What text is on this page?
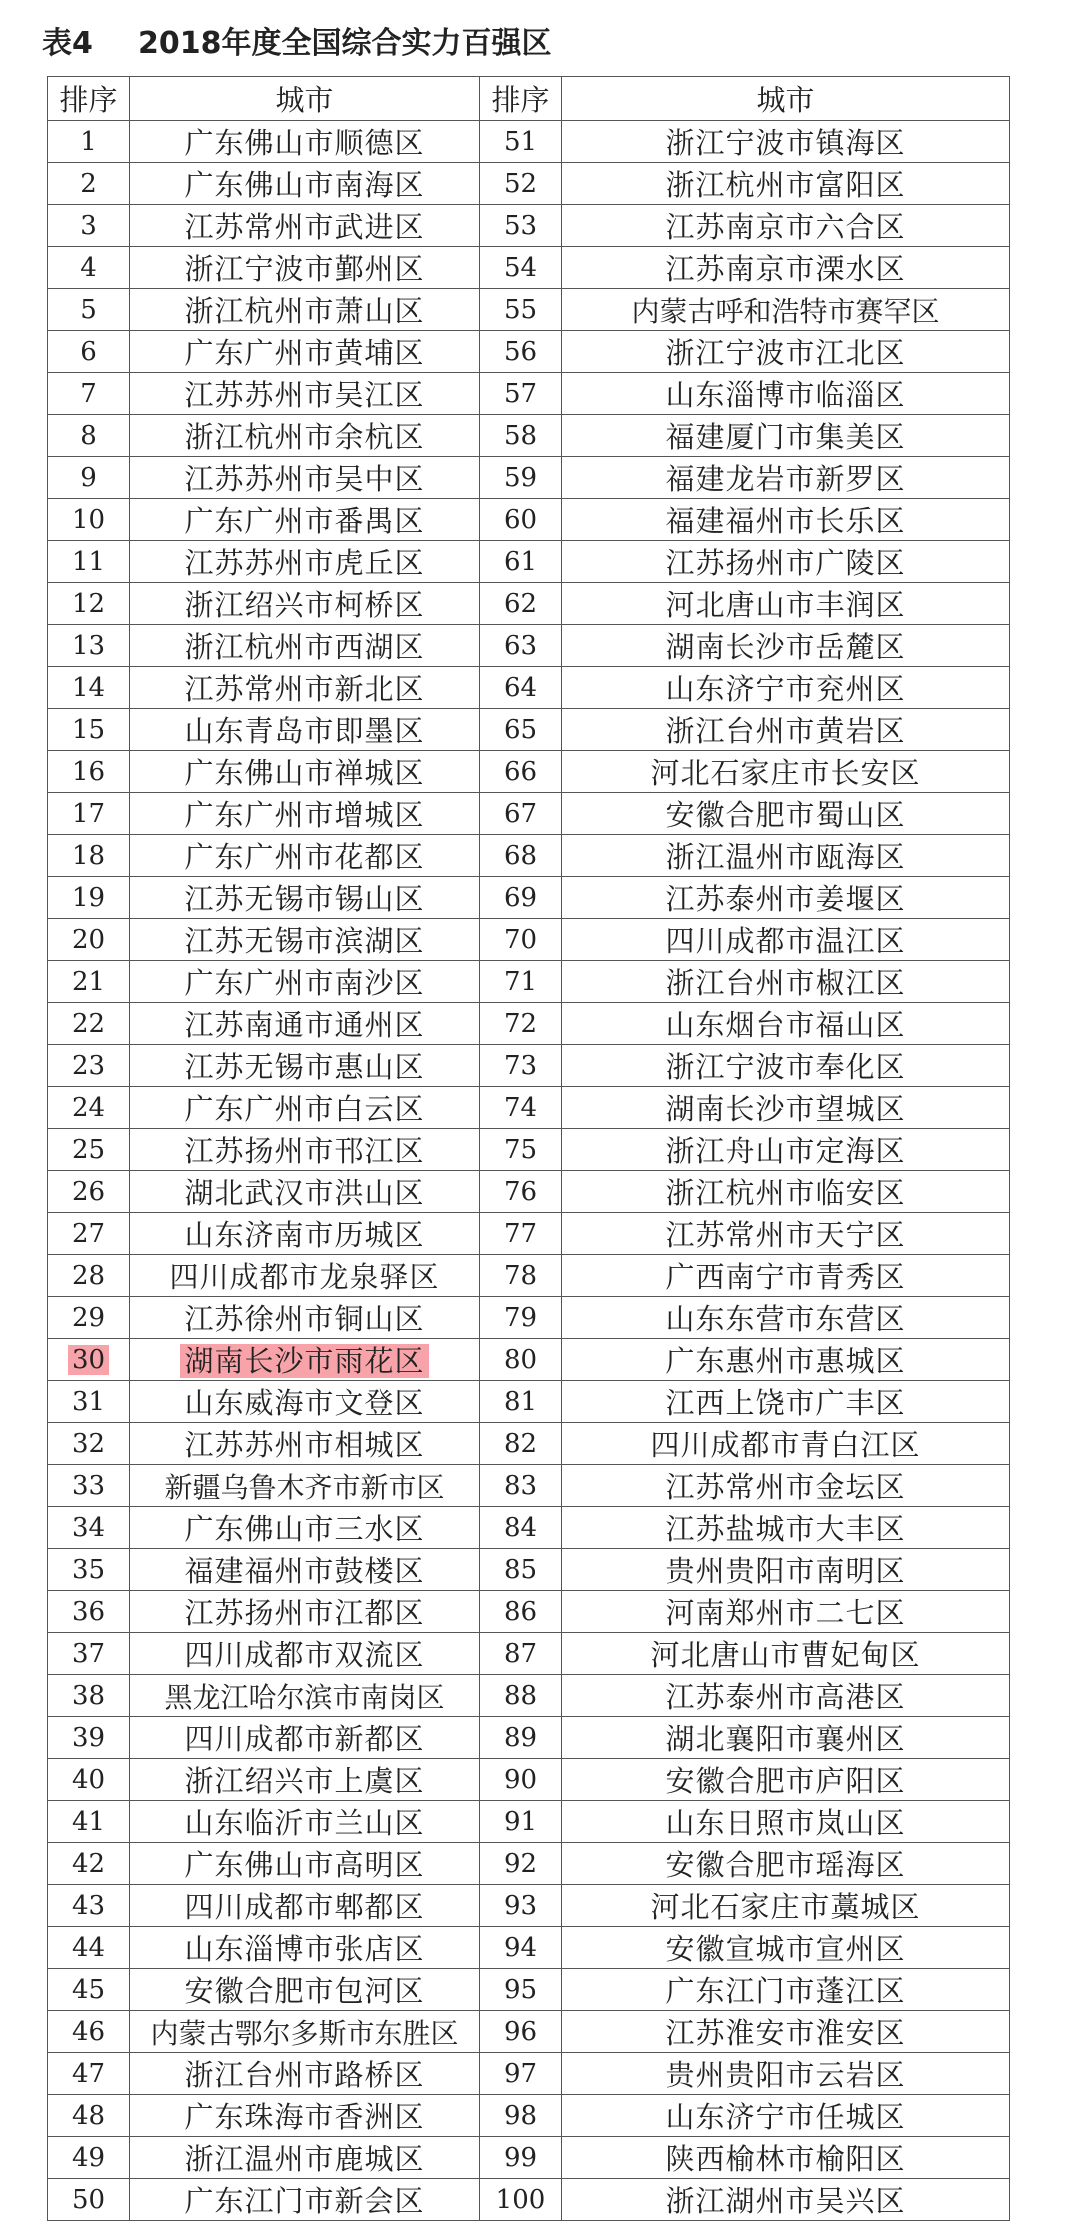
表4 2018年度全国综合实力百强区
排序	城市	排序	城市
1	广东佛山市顺德区	51	浙江宁波市镇海区
2	广东佛山市南海区	52	浙江杭州市富阳区
3	江苏常州市武进区	53	江苏南京市六合区
4	浙江宁波市鄞州区	54	江苏南京市溧水区
5	浙江杭州市萧山区	55	内蒙古呼和浩特市赛罕区
6	广东广州市黄埔区	56	浙江宁波市江北区
7	江苏苏州市吴江区	57	山东淄博市临淄区
8	浙江杭州市余杭区	58	福建厦门市集美区
9	江苏苏州市吴中区	59	福建龙岩市新罗区
10	广东广州市番禺区	60	福建福州市长乐区
11	江苏苏州市虎丘区	61	江苏扬州市广陵区
12	浙江绍兴市柯桥区	62	河北唐山市丰润区
13	浙江杭州市西湖区	63	湖南长沙市岳麓区
14	江苏常州市新北区	64	山东济宁市兖州区
15	山东青岛市即墨区	65	浙江台州市黄岩区
16	广东佛山市禅城区	66	河北石家庄市长安区
17	广东广州市增城区	67	安徽合肥市蜀山区
18	广东广州市花都区	68	浙江温州市瓯海区
19	江苏无锡市锡山区	69	江苏泰州市姜堰区
20	江苏无锡市滨湖区	70	四川成都市温江区
21	广东广州市南沙区	71	浙江台州市椒江区
22	江苏南通市通州区	72	山东烟台市福山区
23	江苏无锡市惠山区	73	浙江宁波市奉化区
24	广东广州市白云区	74	湖南长沙市望城区
25	江苏扬州市邗江区	75	浙江舟山市定海区
26	湖北武汉市洪山区	76	浙江杭州市临安区
27	山东济南市历城区	77	江苏常州市天宁区
28	四川成都市龙泉驿区	78	广西南宁市青秀区
29	江苏徐州市铜山区	79	山东东营市东营区
30	湖南长沙市雨花区	80	广东惠州市惠城区
31	山东威海市文登区	81	江西上饶市广丰区
32	江苏苏州市相城区	82	四川成都市青白江区
33	新疆乌鲁木齐市新市区	83	江苏常州市金坛区
34	广东佛山市三水区	84	江苏盐城市大丰区
35	福建福州市鼓楼区	85	贵州贵阳市南明区
36	江苏扬州市江都区	86	河南郑州市二七区
37	四川成都市双流区	87	河北唐山市曹妃甸区
38	黑龙江哈尔滨市南岗区	88	江苏泰州市高港区
39	四川成都市新都区	89	湖北襄阳市襄州区
40	浙江绍兴市上虞区	90	安徽合肥市庐阳区
41	山东临沂市兰山区	91	山东日照市岚山区
42	广东佛山市高明区	92	安徽合肥市瑶海区
43	四川成都市郫都区	93	河北石家庄市藁城区
44	山东淄博市张店区	94	安徽宣城市宣州区
45	安徽合肥市包河区	95	广东江门市蓬江区
46	内蒙古鄂尔多斯市东胜区	96	江苏淮安市淮安区
47	浙江台州市路桥区	97	贵州贵阳市云岩区
48	广东珠海市香洲区	98	山东济宁市任城区
49	浙江温州市鹿城区	99	陕西榆林市榆阳区
50	广东江门市新会区	100	浙江湖州市吴兴区
